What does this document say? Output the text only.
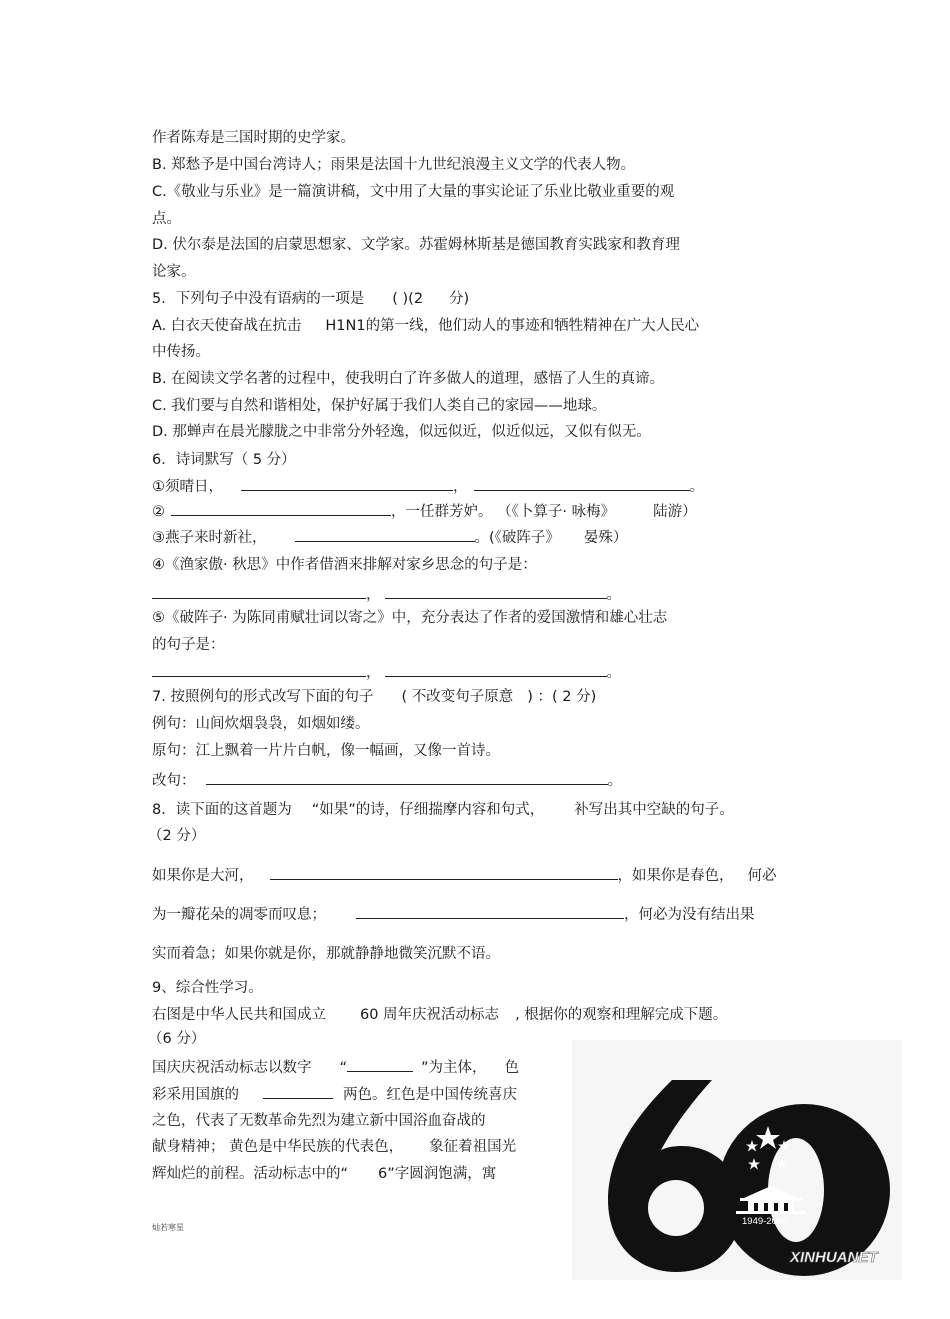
作者陈寿是三国时期的史学家。
B. 郑愁予是中国台湾诗人；雨果是法国十九世纪浪漫主义文学的代表人物。
C.《敬业与乐业》是一篇演讲稿，文中用了大量的事实论证了乐业比敬业重要的观
点。
D. 伏尔泰是法国的启蒙思想家、文学家。苏霍姆林斯基是德国教育实践家和教育理
论家。
5．下列句子中没有语病的一项是 ( )(2 分)
A. 白衣天使奋战在抗击 H1N1的第一线，他们动人的事迹和牺牲精神在广大人民心
中传扬。
B. 在阅读文学名著的过程中，使我明白了许多做人的道理，感悟了人生的真谛。
C. 我们要与自然和谐相处，保护好属于我们人类自己的家园——地球。
D. 那蝉声在晨光朦胧之中非常分外轻逸，似远似近，似近似远，又似有似无。
6．诗词默写（ 5 分）
①须晴日，	，	。
②	，一任群芳妒。 （《卜算子· 咏梅》	陆游）
③燕子来时新社，	。(《破阵子》 晏殊）
④《渔家傲· 秋思》中作者借酒来排解对家乡思念的句子是：
，	。
⑤《破阵子· 为陈同甫赋壮词以寄之》中，充分表达了作者的爱国激情和雄心壮志
的句子是：
，	。
7. 按照例句的形式改写下面的句子 ( 不改变句子原意 ) ：( 2 分)
例句：山间炊烟袅袅，如烟如缕。
原句：江上飘着一片片白帆，像一幅画，又像一首诗。
改句：	。
8．读下面的这首题为 “如果”的诗，仔细揣摩内容和句式， 补写出其中空缺的句子。
（2 分）
如果你是大河，	，如果你是春色， 何必
为一瓣花朵的凋零而叹息；	，何必为没有结出果
实而着急；如果你就是你，那就静静地微笑沉默不语。
9、综合性学习。
右图是中华人民共和国成立 60 周年庆祝活动标志 , 根据你的观察和理解完成下题。
（6 分）
国庆庆祝活动标志以数字 “	”为主体， 色
彩采用国旗的	两色。红色是中国传统喜庆
之色，代表了无数革命先烈为建立新中国浴血奋战的
献身精神； 黄色是中华民族的代表色， 象征着祖国光
辉灿烂的前程。活动标志中的“ 6”字圆润饱满，寓
灿若寒星
1949-2009
XINHUANET
